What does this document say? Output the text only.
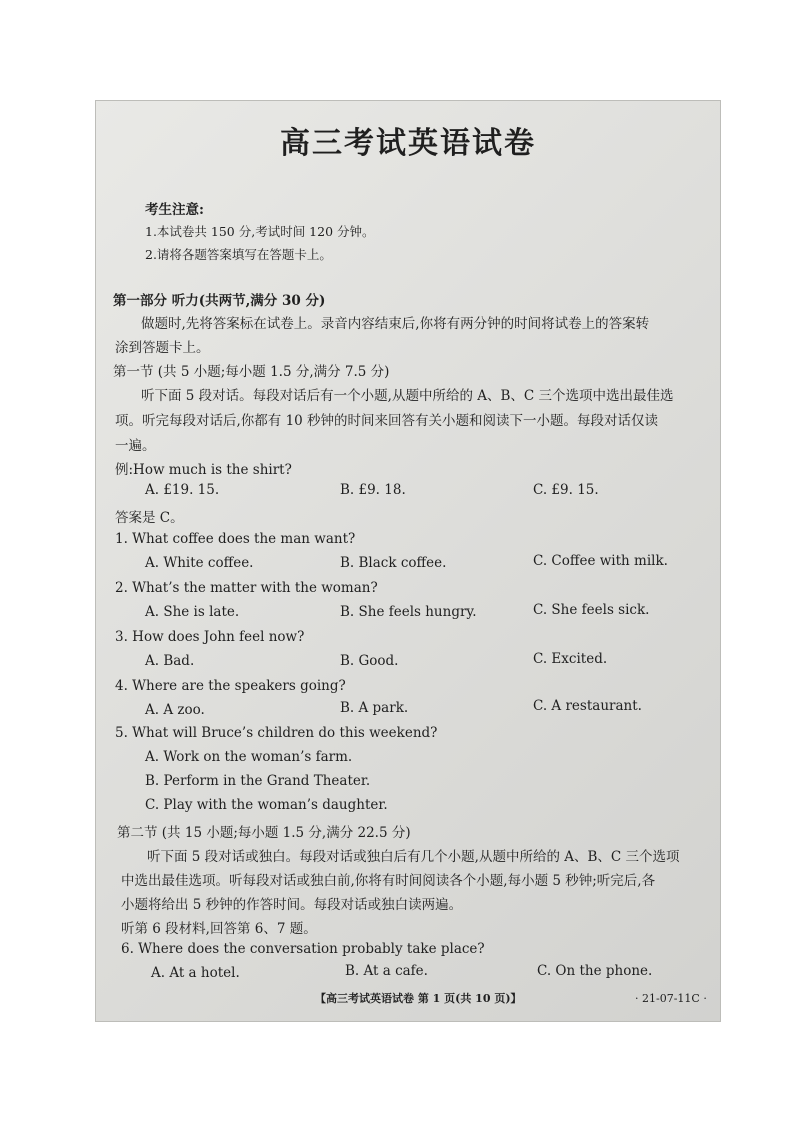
高三考试英语试卷
考生注意:
1.本试卷共 150 分,考试时间 120 分钟。
2.请将各题答案填写在答题卡上。
第一部分 听力(共两节,满分 30 分)
做题时,先将答案标在试卷上。录音内容结束后,你将有两分钟的时间将试卷上的答案转
涂到答题卡上。
第一节 (共 5 小题;每小题 1.5 分,满分 7.5 分)
听下面 5 段对话。每段对话后有一个小题,从题中所给的 A、B、C 三个选项中选出最佳选
项。听完每段对话后,你都有 10 秒钟的时间来回答有关小题和阅读下一小题。每段对话仅读
一遍。
例:How much is the shirt?
A. £19. 15.	B. £9. 18.	C. £9. 15.
答案是 C。
1. What coffee does the man want?
A. White coffee.	B. Black coffee.	C. Coffee with milk.
2. What’s the matter with the woman?
A. She is late.	B. She feels hungry.	C. She feels sick.
3. How does John feel now?
A. Bad.	B. Good.	C. Excited.
4. Where are the speakers going?
A. A zoo.	B. A park.	C. A restaurant.
5. What will Bruce’s children do this weekend?
A. Work on the woman’s farm.
B. Perform in the Grand Theater.
C. Play with the woman’s daughter.
第二节 (共 15 小题;每小题 1.5 分,满分 22.5 分)
听下面 5 段对话或独白。每段对话或独白后有几个小题,从题中所给的 A、B、C 三个选项
中选出最佳选项。听每段对话或独白前,你将有时间阅读各个小题,每小题 5 秒钟;听完后,各
小题将给出 5 秒钟的作答时间。每段对话或独白读两遍。
听第 6 段材料,回答第 6、7 题。
6. Where does the conversation probably take place?
A. At a hotel.	B. At a cafe.	C. On the phone.
【高三考试英语试卷 第 1 页(共 10 页)】	· 21-07-11C ·
